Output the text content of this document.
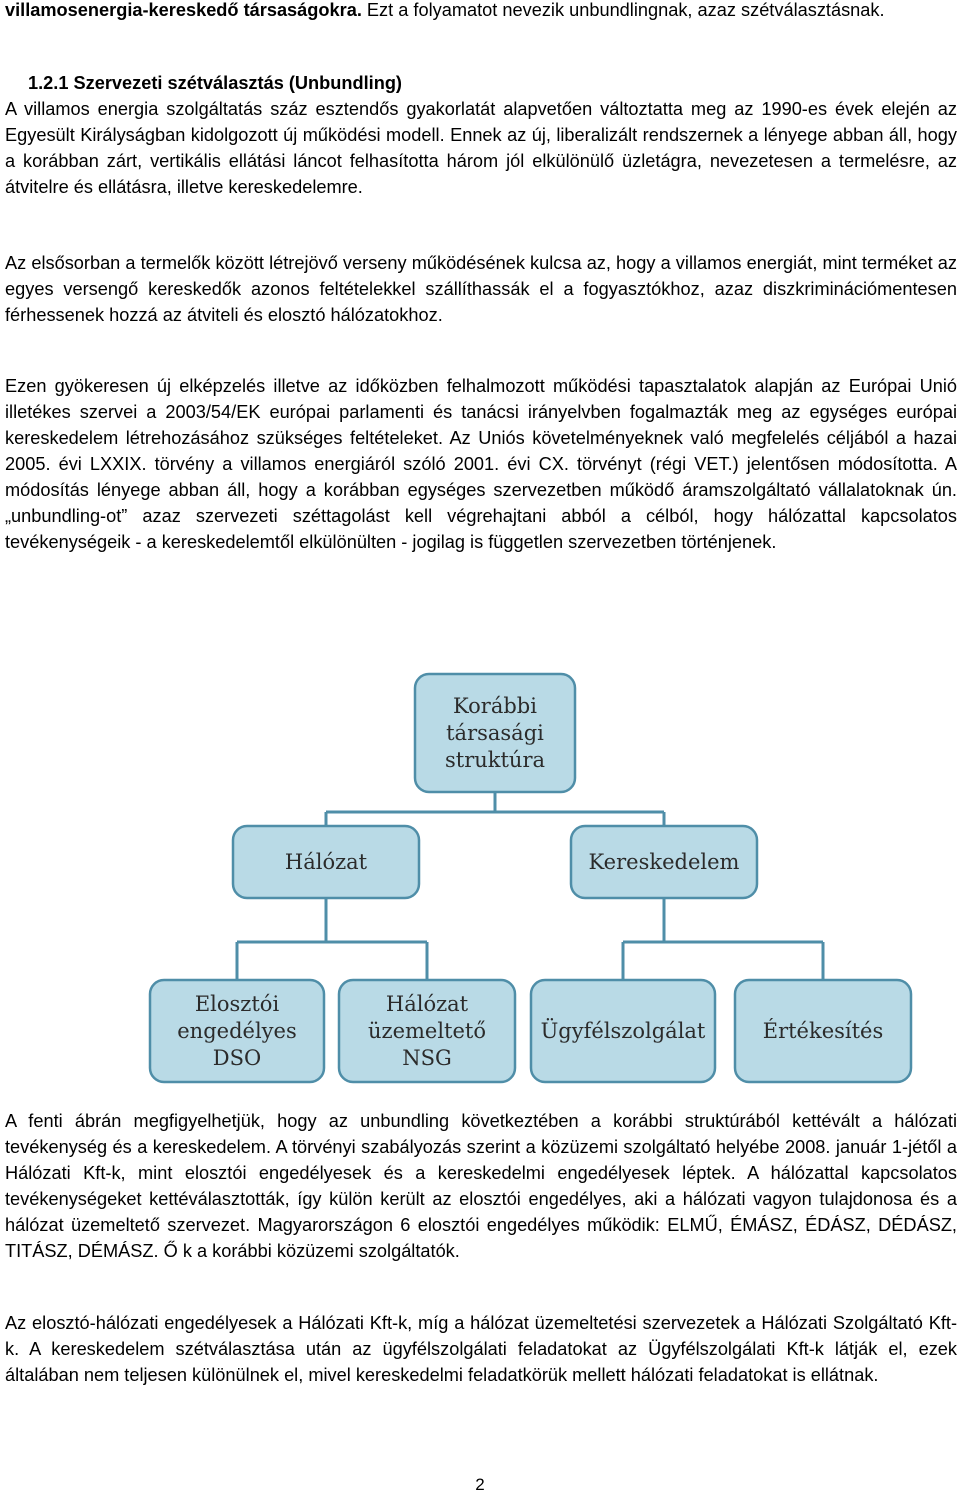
villamosenergia-kereskedő társaságokra. Ezt a folyamatot nevezik unbundlingnak, azaz szétválasztásnak.

1.2.1 Szervezeti szétválasztás (Unbundling)

A villamos energia szolgáltatás száz esztendős gyakorlatát alapvetően változtatta meg az 1990-es évek elején az Egyesült Királyságban kidolgozott új működési modell. Ennek az új, liberalizált rendszernek a lényege abban áll, hogy a korábban zárt, vertikális ellátási láncot felhasította három jól elkülönülő üzletágra, nevezetesen a termelésre, az átvitelre és ellátásra, illetve kereskedelemre.

Az elsősorban a termelők között létrejövő verseny működésének kulcsa az, hogy a villamos energiát, mint terméket az egyes versengő kereskedők azonos feltételekkel szállíthassák el a fogyasztókhoz, azaz diszkriminációmentesen férhessenek hozzá az átviteli és elosztó hálózatokhoz.

Ezen gyökeresen új elképzelés illetve az időközben felhalmozott működési tapasztalatok alapján az Európai Unió illetékes szervei a 2003/54/EK európai parlamenti és tanácsi irányelvben fogalmazták meg az egységes európai kereskedelem létrehozásához szükséges feltételeket. Az Uniós követelményeknek való megfelelés céljából a hazai 2005. évi LXXIX. törvény a villamos energiáról szóló 2001. évi CX. törvényt (régi VET.) jelentősen módosította. A módosítás lényege abban áll, hogy a korábban egységes szervezetben működő áramszolgáltató vállalatoknak ún. „unbundling-ot” azaz szervezeti széttagolást kell végrehajtani abból a célból, hogy hálózattal kapcsolatos tevékenységeik - a kereskedelemtől elkülönülten - jogilag is független szervezetben történjenek.

A fenti ábrán megfigyelhetjük, hogy az unbundling következtében a korábbi struktúrából kettévált a hálózati tevékenység és a kereskedelem. A törvényi szabályozás szerint a közüzemi szolgáltató helyébe 2008. január 1-jétől a Hálózati Kft-k, mint elosztói engedélyesek és a kereskedelmi engedélyesek léptek. A hálózattal kapcsolatos tevékenységeket kettéválasztották, így külön került az elosztói engedélyes, aki a hálózati vagyon tulajdonosa és a hálózat üzemeltető szervezet. Magyarországon 6 elosztói engedélyes működik: ELMŰ, ÉMÁSZ, ÉDÁSZ, DÉDÁSZ, TITÁSZ, DÉMÁSZ. Ő k a korábbi közüzemi szolgáltatók.

Az elosztó-hálózati engedélyesek a Hálózati Kft-k, míg a hálózat üzemeltetési szervezetek a Hálózati Szolgáltató Kft-k. A kereskedelem szétválasztása után az ügyfélszolgálati feladatokat az Ügyfélszolgálati Kft-k látják el, ezek általában nem teljesen különülnek el, mivel kereskedelmi feladatkörük mellett hálózati feladatokat is ellátnak.

Korábbi
társasági
struktúra
Hálózat	Kereskedelem
Elosztói
engedélyes
DSO
Hálózat
üzemeltető
NSG
Ügyfélszolgálat	Értékesítés
2
